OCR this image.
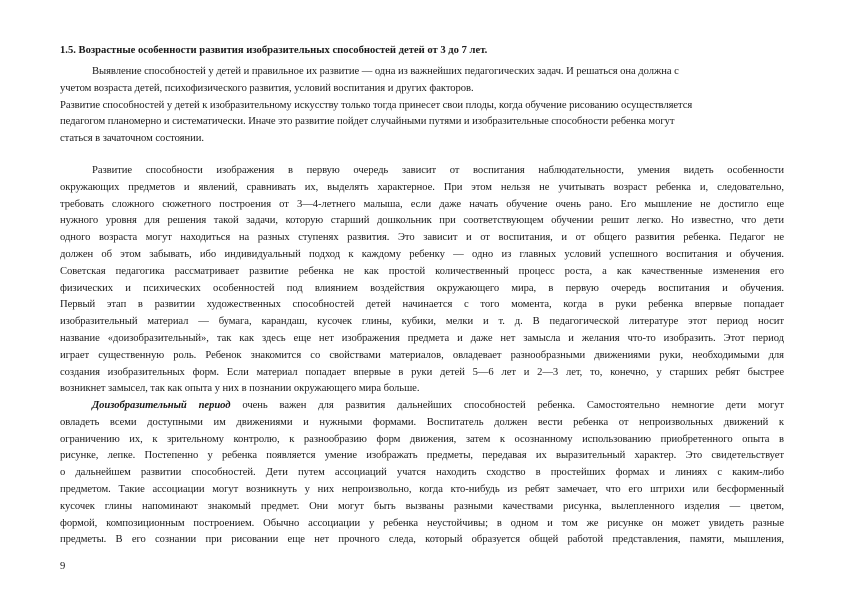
1.5. Возрастные особенности развития изобразительных способностей детей от 3 до 7 лет.
Выявление способностей у детей и правильное их развитие — одна из важнейших педагогических задач. И решаться она должна с
учетом возраста детей, психофизического развития, условий воспитания и других факторов.
Развитие способностей у детей к изобразительному искусству только тогда принесет свои плоды, когда обучение рисованию осуществляется
педагогом планомерно и систематически. Иначе это развитие пойдет случайными путями и изобразительные способности ребенка могут
статься в зачаточном состоянии.
Развитие способности изображения в первую очередь зависит от воспитания наблюдательности, умения видеть особенности
окружающих предметов и явлений, сравнивать их, выделять характерное. При этом нельзя не учитывать возраст ребенка и, следовательно,
требовать сложного сюжетного построения от 3—4-летнего малыша, если даже начать обучение очень рано. Его мышление не достигло еще
нужного уровня для решения такой задачи, которую старший дошкольник при соответствующем обучении решит легко. Но известно, что дети
одного возраста могут находиться на разных ступенях развития. Это зависит и от воспитания, и от общего развития ребенка. Педагог не
должен об этом забывать, ибо индивидуальный подход к каждому ребенку — одно из главных условий успешного воспитания и обучения.
Советская педагогика рассматривает развитие ребенка не как простой количественный процесс роста, а как качественные изменения его
физических и психических особенностей под влиянием воздействия окружающего мира, в первую очередь воспитания и обучения.
Первый этап в развитии художественных способностей детей начинается с того момента, когда в руки ребенка впервые попадает
изобразительный материал — бумага, карандаш, кусочек глины, кубики, мелки и т. д. В педагогической литературе этот период носит
название «доизобразительный», так как здесь еще нет изображения предмета и даже нет замысла и желания что-то изобразить. Этот период
играет существенную роль. Ребенок знакомится со свойствами материалов, овладевает разнообразными движениями руки, необходимыми для
создания изобразительных форм. Если материал попадает впервые в руки детей 5—6 лет и 2—3 лет, то, конечно, у старших ребят быстрее
возникнет замысел, так как опыта у них в познании окружающего мира больше.
Доизобразительный период очень важен для развития дальнейших способностей ребенка. Самостоятельно немногие дети могут
овладеть всеми доступными им движениями и нужными формами. Воспитатель должен вести ребенка от непроизвольных движений к
ограничению их, к зрительному контролю, к разнообразию форм движения, затем к осознанному использованию приобретенного опыта в
рисунке, лепке. Постепенно у ребенка появляется умение изображать предметы, передавая их выразительный характер. Это свидетельствует
о дальнейшем развитии способностей. Дети путем ассоциаций учатся находить сходство в простейших формах и линиях с каким-либо
предметом. Такие ассоциации могут возникнуть у них непроизвольно, когда кто-нибудь из ребят замечает, что его штрихи или бесформенный
кусочек глины напоминают знакомый предмет. Они могут быть вызваны разными качествами рисунка, вылепленного изделия — цветом,
формой, композиционным построением. Обычно ассоциации у ребенка неустойчивы; в одном и том же рисунке он может увидеть разные
предметы. В его сознании при рисовании еще нет прочного следа, который образуется общей работой представления, памяти, мышления,
9
